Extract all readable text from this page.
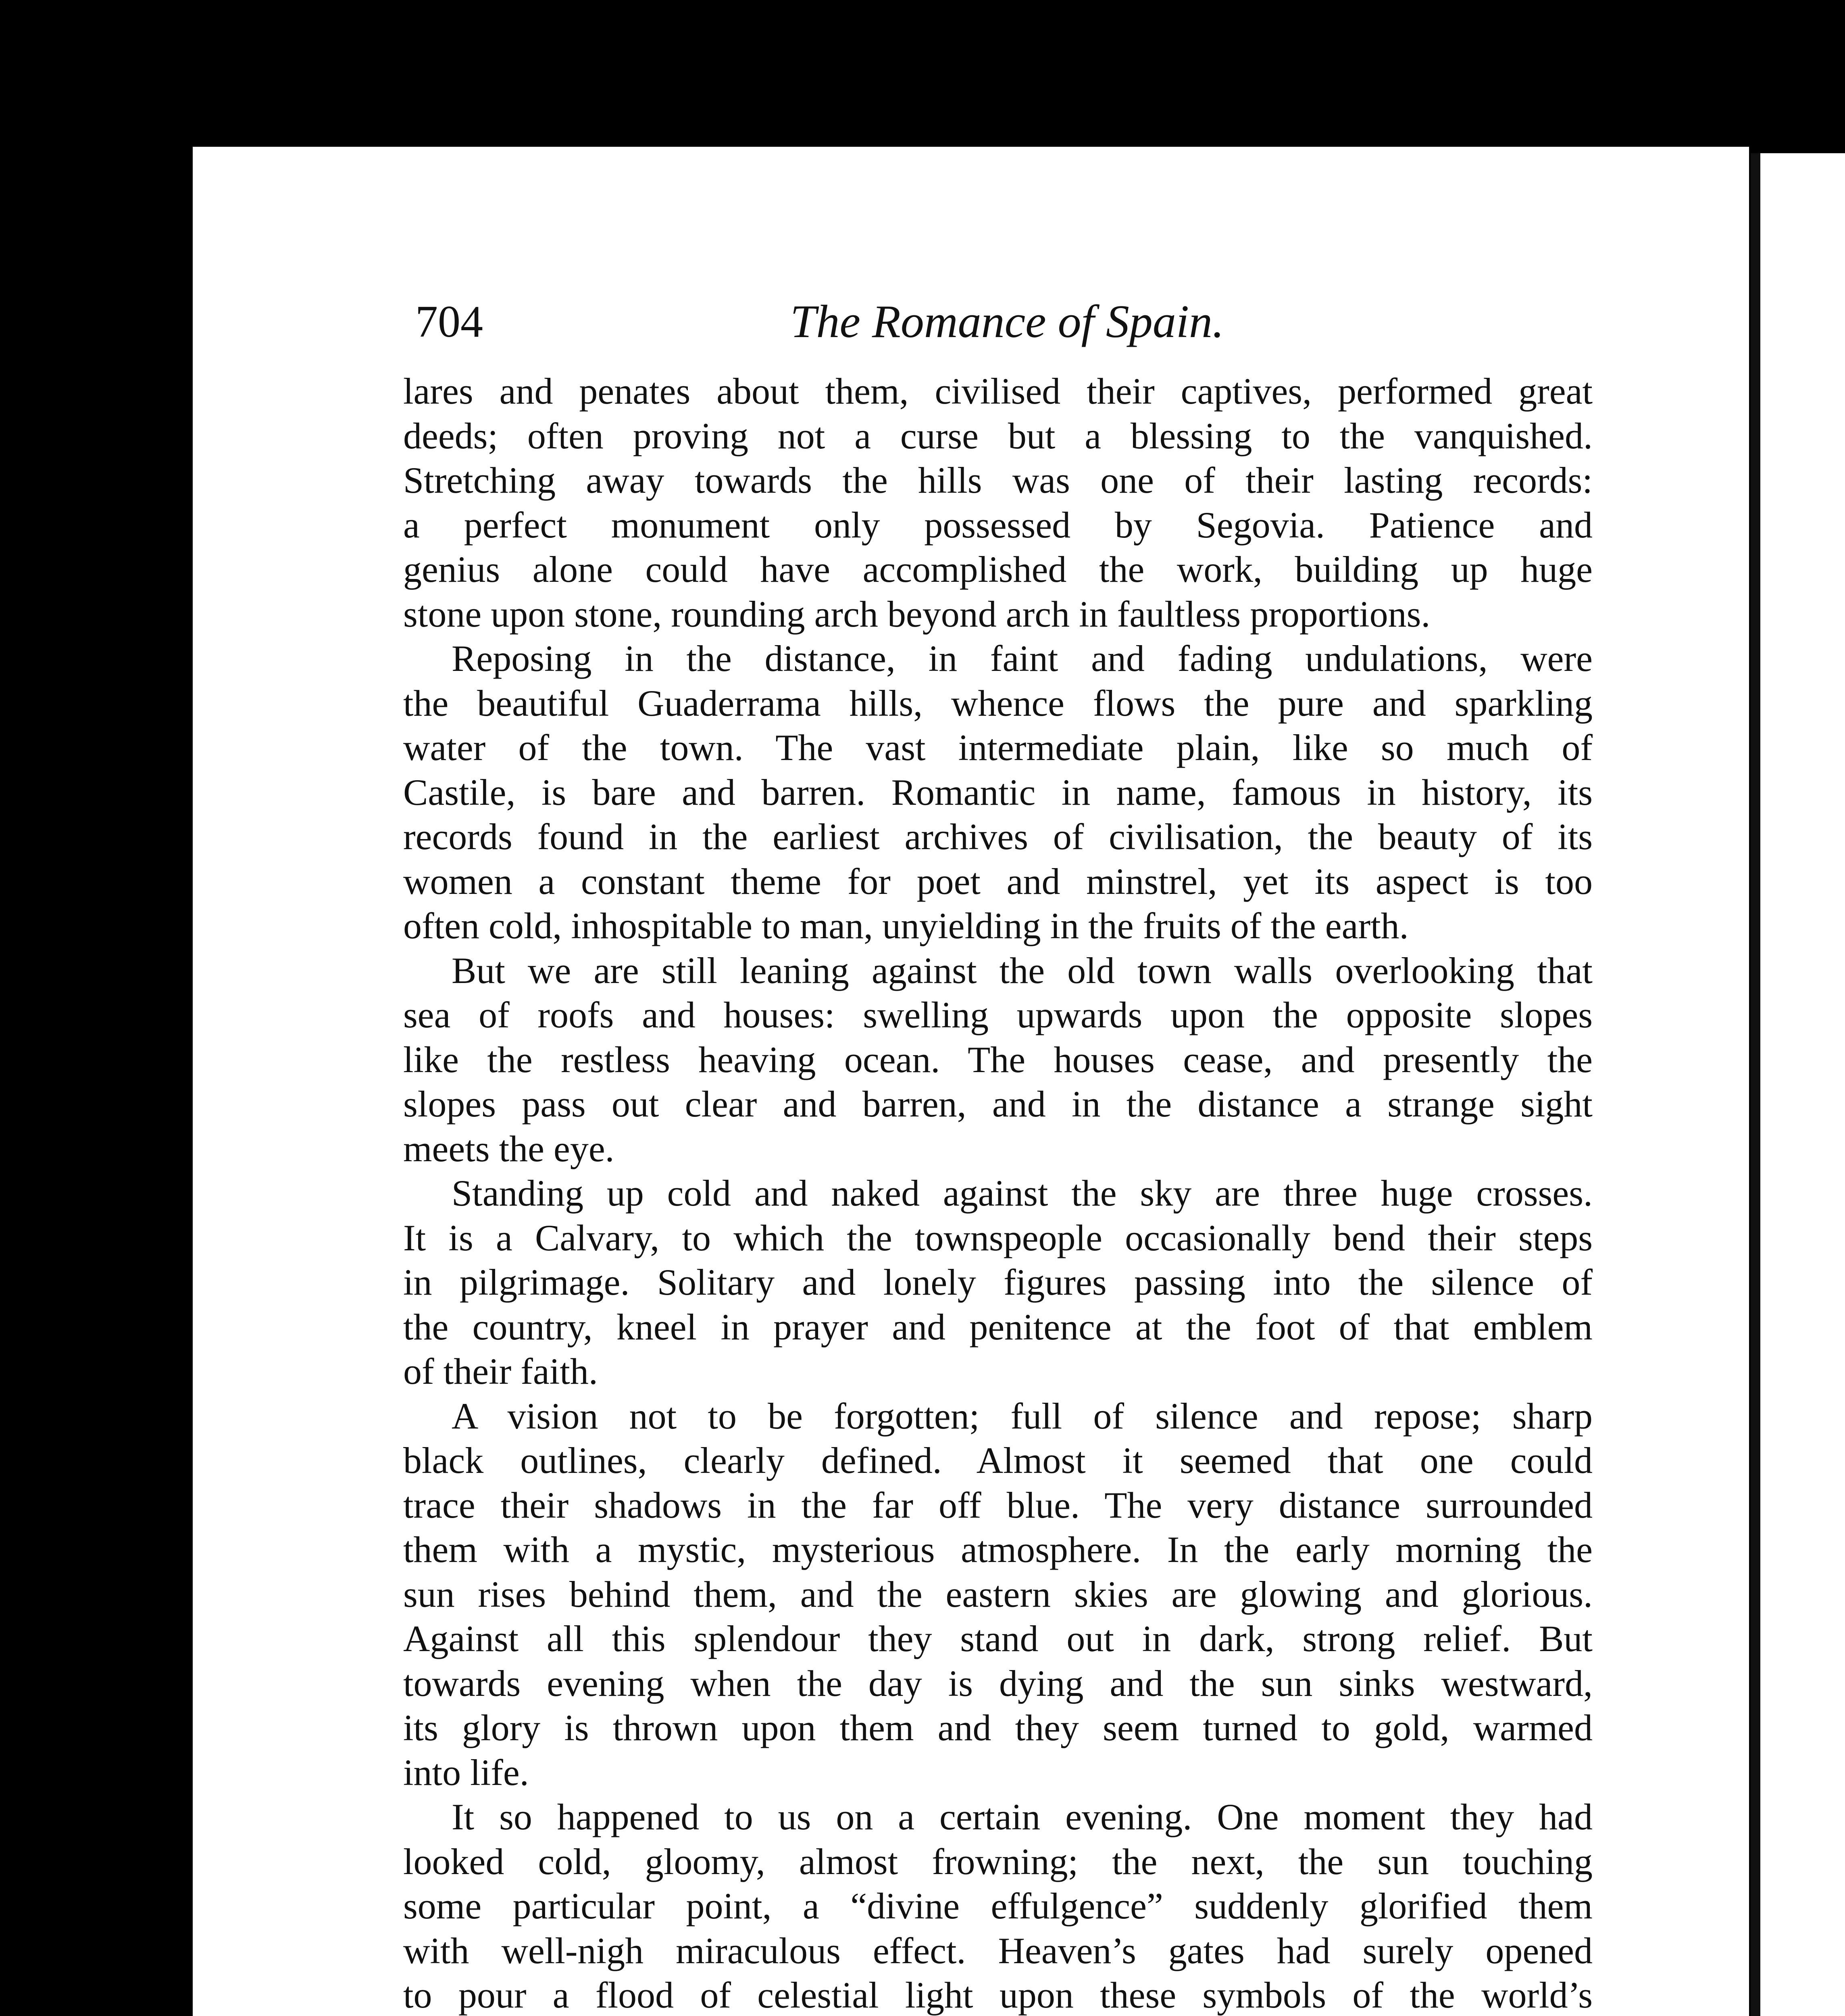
704	The Romance of Spain.
lares and penates about them, civilised their captives, performed great
deeds; often proving not a curse but a blessing to the vanquished.
Stretching away towards the hills was one of their lasting records:
a perfect monument only possessed by Segovia. Patience and
genius alone could have accomplished the work, building up huge
stone upon stone, rounding arch beyond arch in faultless proportions.
Reposing in the distance, in faint and fading undulations, were
the beautiful Guaderrama hills, whence flows the pure and sparkling
water of the town. The vast intermediate plain, like so much of
Castile, is bare and barren. Romantic in name, famous in history, its
records found in the earliest archives of civilisation, the beauty of its
women a constant theme for poet and minstrel, yet its aspect is too
often cold, inhospitable to man, unyielding in the fruits of the earth.
But we are still leaning against the old town walls overlooking that
sea of roofs and houses: swelling upwards upon the opposite slopes
like the restless heaving ocean. The houses cease, and presently the
slopes pass out clear and barren, and in the distance a strange sight
meets the eye.
Standing up cold and naked against the sky are three huge crosses.
It is a Calvary, to which the townspeople occasionally bend their steps
in pilgrimage. Solitary and lonely figures passing into the silence of
the country, kneel in prayer and penitence at the foot of that emblem
of their faith.
A vision not to be forgotten; full of silence and repose; sharp
black outlines, clearly defined. Almost it seemed that one could
trace their shadows in the far off blue. The very distance surrounded
them with a mystic, mysterious atmosphere. In the early morning the
sun rises behind them, and the eastern skies are glowing and glorious.
Against all this splendour they stand out in dark, strong relief. But
towards evening when the day is dying and the sun sinks westward,
its glory is thrown upon them and they seem turned to gold, warmed
into life.
It so happened to us on a certain evening. One moment they had
looked cold, gloomy, almost frowning; the next, the sun touching
some particular point, a “divine effulgence” suddenly glorified them
with well-nigh miraculous effect. Heaven’s gates had surely opened
to pour a flood of celestial light upon these symbols of the world’s
